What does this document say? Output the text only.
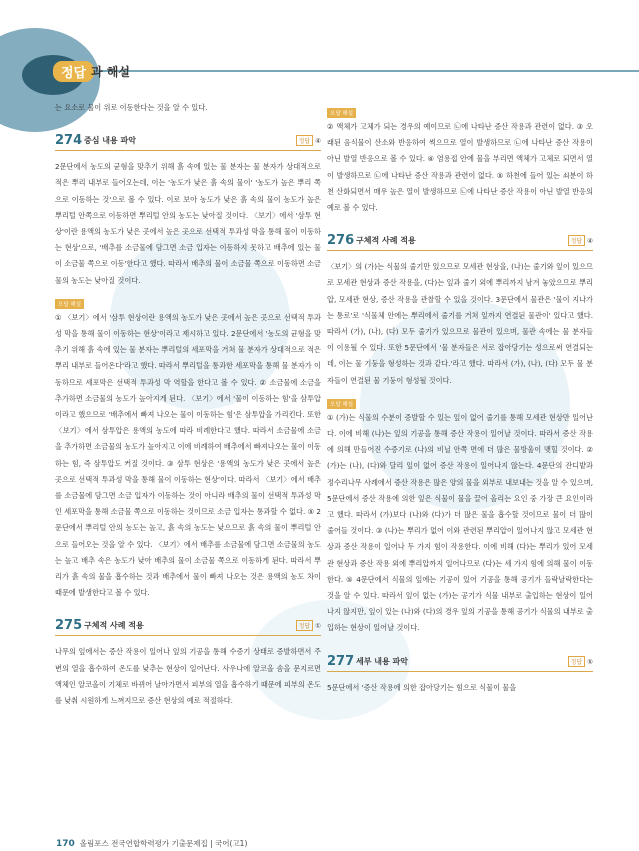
정답 과 해설

는 요소로 물이 위로 이동한다는 것을 알 수 있다.

274 중심 내용 파악	정답 ④

2문단에서 농도의 균형을 맞추기 위해 흙 속에 있는 물 분자는 물 분자가 상대적으로 적은 뿌리 내부로 들어오는데, 이는 '농도가 낮은 흙 속의 물이' '농도가 높은 뿌리 쪽으로 이동하는 것'으로 볼 수 있다. 이로 보아 농도가 낮은 흙 속의 물이 농도가 높은 뿌리털 안쪽으로 이동하면 뿌리털 안의 농도는 낮아질 것이다. 〈보기〉에서 '삼투 현상'이란 용액의 농도가 낮은 곳에서 높은 곳으로 선택적 투과성 막을 통해 물이 이동하는 현상'으로, '배추를 소금물에 담그면 소금 입자는 이동하지 못하고 배추에 있는 물이 소금물 쪽으로 이동'한다고 했다. 따라서 배추의 물이 소금물 쪽으로 이동하면 소금물의 농도는 낮아질 것이다.

오답 해설

① 〈보기〉에서 '삼투 현상이란 용액의 농도가 낮은 곳에서 높은 곳으로 선택적 투과성 막을 통해 물이 이동하는 현상'이라고 제시하고 있다. 2문단에서 '농도의 균형을 맞추기 위해 흙 속에 있는 물 분자는 뿌리털의 세포막을 거쳐 물 분자가 상대적으로 적은 뿌리 내부로 들어온다'라고 했다. 따라서 뿌리털을 통과한 세포막을 통해 물 분자가 이동하므로 세포막은 선택적 투과성 막 역할을 한다고 볼 수 있다. ② 소금물에 소금을 추가하면 소금물의 농도가 높아지게 된다. 〈보기〉에서 '물이 이동하는 힘'을 삼투압이라고 했으므로 '배추에서 빠져 나오는 물이 이동하는 힘'은 삼투압을 가리킨다. 또한 〈보기〉에서 삼투압은 용액의 농도에 따라 비례한다고 했다. 따라서 소금물에 소금을 추가하면 소금물의 농도가 높아지고 이에 비례하여 배추에서 빠져나오는 물이 이동하는 힘, 즉 삼투압도 커질 것이다. ③ 삼투 현상은 '용액의 농도가 낮은 곳에서 높은 곳으로 선택적 투과성 막을 통해 물이 이동하는 현상'이다. 따라서 〈보기〉에서 배추를 소금물에 담그면 소금 입자가 이동하는 것이 아니라 배추의 물이 선택적 투과성 막인 세포막을 통해 소금물 쪽으로 이동하는 것이므로 소금 입자는 통과할 수 없다. ⑤ 2문단에서 뿌리털 안의 농도는 높고, 흙 속의 농도는 낮으므로 흙 속의 물이 뿌리털 안으로 들어오는 것을 알 수 있다. 〈보기〉에서 배추를 소금물에 담그면 소금물의 농도는 높고 배추 속은 농도가 낮아 배추의 물이 소금물 쪽으로 이동하게 된다. 따라서 뿌리가 흙 속의 물을 흡수하는 것과 배추에서 물이 빠져 나오는 것은 용액의 농도 차이 때문에 발생한다고 볼 수 있다.

275 구체적 사례 적용	정답 ①

나무의 잎에서는 증산 작용이 일어나 잎의 기공을 통해 수증기 상태로 증발하면서 주변의 열을 흡수하여 온도를 낮추는 현상이 일어난다. 사우나에 알코올 솜을 문지르면 액체인 알코올이 기체로 바뀌어 날아가면서 피부의 열을 흡수하기 때문에 피부의 온도를 낮춰 시원하게 느껴지므로 증산 현상의 예로 적절하다.

오답 해설

② 액체가 고체가 되는 경우의 예이므로 ㉡에 나타난 증산 작용과 관련이 없다. ③ 오래된 음식물이 산소와 반응하여 썩으므로 열이 발생하므로 ㉡에 나타난 증산 작용이 아닌 발열 반응으로 볼 수 있다. ④ 염용접 안에 물을 부리면 액체가 고체로 되면서 열이 발생하므로 ㉡에 나타난 증산 작용과 관련이 없다. ⑤ 하천에 들어 있는 쇠분이 하천 산화되면서 매우 높은 열이 발생하므로 ㉡에 나타난 증산 작용이 아닌 발열 반응의 예로 볼 수 있다.

276 구체적 사례 적용	정답 ④

〈보기〉의 (가)는 식물의 줄기만 있으므로 모세관 현상을, (나)는 줄기와 잎이 있으므로 모세관 현상과 증산 작용을, (다)는 잎과 줄기 외에 뿌리까지 남겨 놓았으므로 뿌리압, 모세관 현상, 증산 작용을 관찰할 수 있을 것이다. 3문단에서 물관은 '물이 지나가는 통로'로 '식물체 안에는 뿌리에서 줄기를 거쳐 잎까지 연결된 물관이' 있다고 했다. 따라서 (가), (나), (다) 모두 줄기가 있으므로 물관이 있으며, 물관 속에는 물 분자들이 이용될 수 있다. 또한 5문단에서 '물 분자들은 서로 잡아당기는 성으로써 연결되는데, 이는 물 기둥을 형성하는 것과 같다.'라고 했다. 따라서 (가), (나), (다) 모두 물 분자들이 연결된 물 기둥이 형성될 것이다.

오답 해설

① (가)는 식물의 수분이 증발할 수 있는 잎이 없어 줄기를 통해 모세관 현상만 일어난다. 이에 비해 (나)는 잎의 기공을 통해 증산 작용이 일어날 것이다. 따라서 증산 작용에 의해 만들어진 수증기로 (나)의 비닐 안쪽 면에 더 많은 물방울이 맺힐 것이다. ② (가)는 (나), (다)와 달리 잎이 없어 증산 작용이 일어나지 않는다. 4문단의 잔디밭과 정수리나무 사례에서 증산 작용은 많은 양의 물을 외부로 내보내는 것을 알 수 있으며, 5문단에서 증산 작용에 의한 잎은 식물이 물을 끌어 올리는 요인 중 가장 큰 요인이라고 했다. 따라서 (가)보다 (나)와 (다)가 더 많은 물을 흡수할 것이므로 물이 더 많이 줄어들 것이다. ③ (나)는 뿌리가 없어 이와 관련된 뿌리압이 일어나지 않고 모세관 현상과 증산 작용이 일어나 두 가지 힘이 작용한다. 이에 비해 (다)는 뿌리가 있어 모세관 현상과 증산 작용 외에 뿌리압까지 일어나므로 (다)는 세 가지 힘에 의해 물이 이동한다. ⑤ 4문단에서 식물의 잎에는 기공이 있어 기공을 통해 공기가 들락날락한다는 것을 알 수 있다. 따라서 잎이 없는 (가)는 공기가 식물 내부로 출입하는 현상이 일어나지 않지만, 잎이 있는 (나)와 (다)의 경우 잎의 기공을 통해 공기가 식물의 내부로 출입하는 현상이 일어날 것이다.

277 세부 내용 파악	정답 ⑤

5문단에서 '증산 작용에 의한 잡아당기는 힘으로 식물이 물을

170 올림포스 전국연합학력평가 기출문제집 | 국어(고1)
